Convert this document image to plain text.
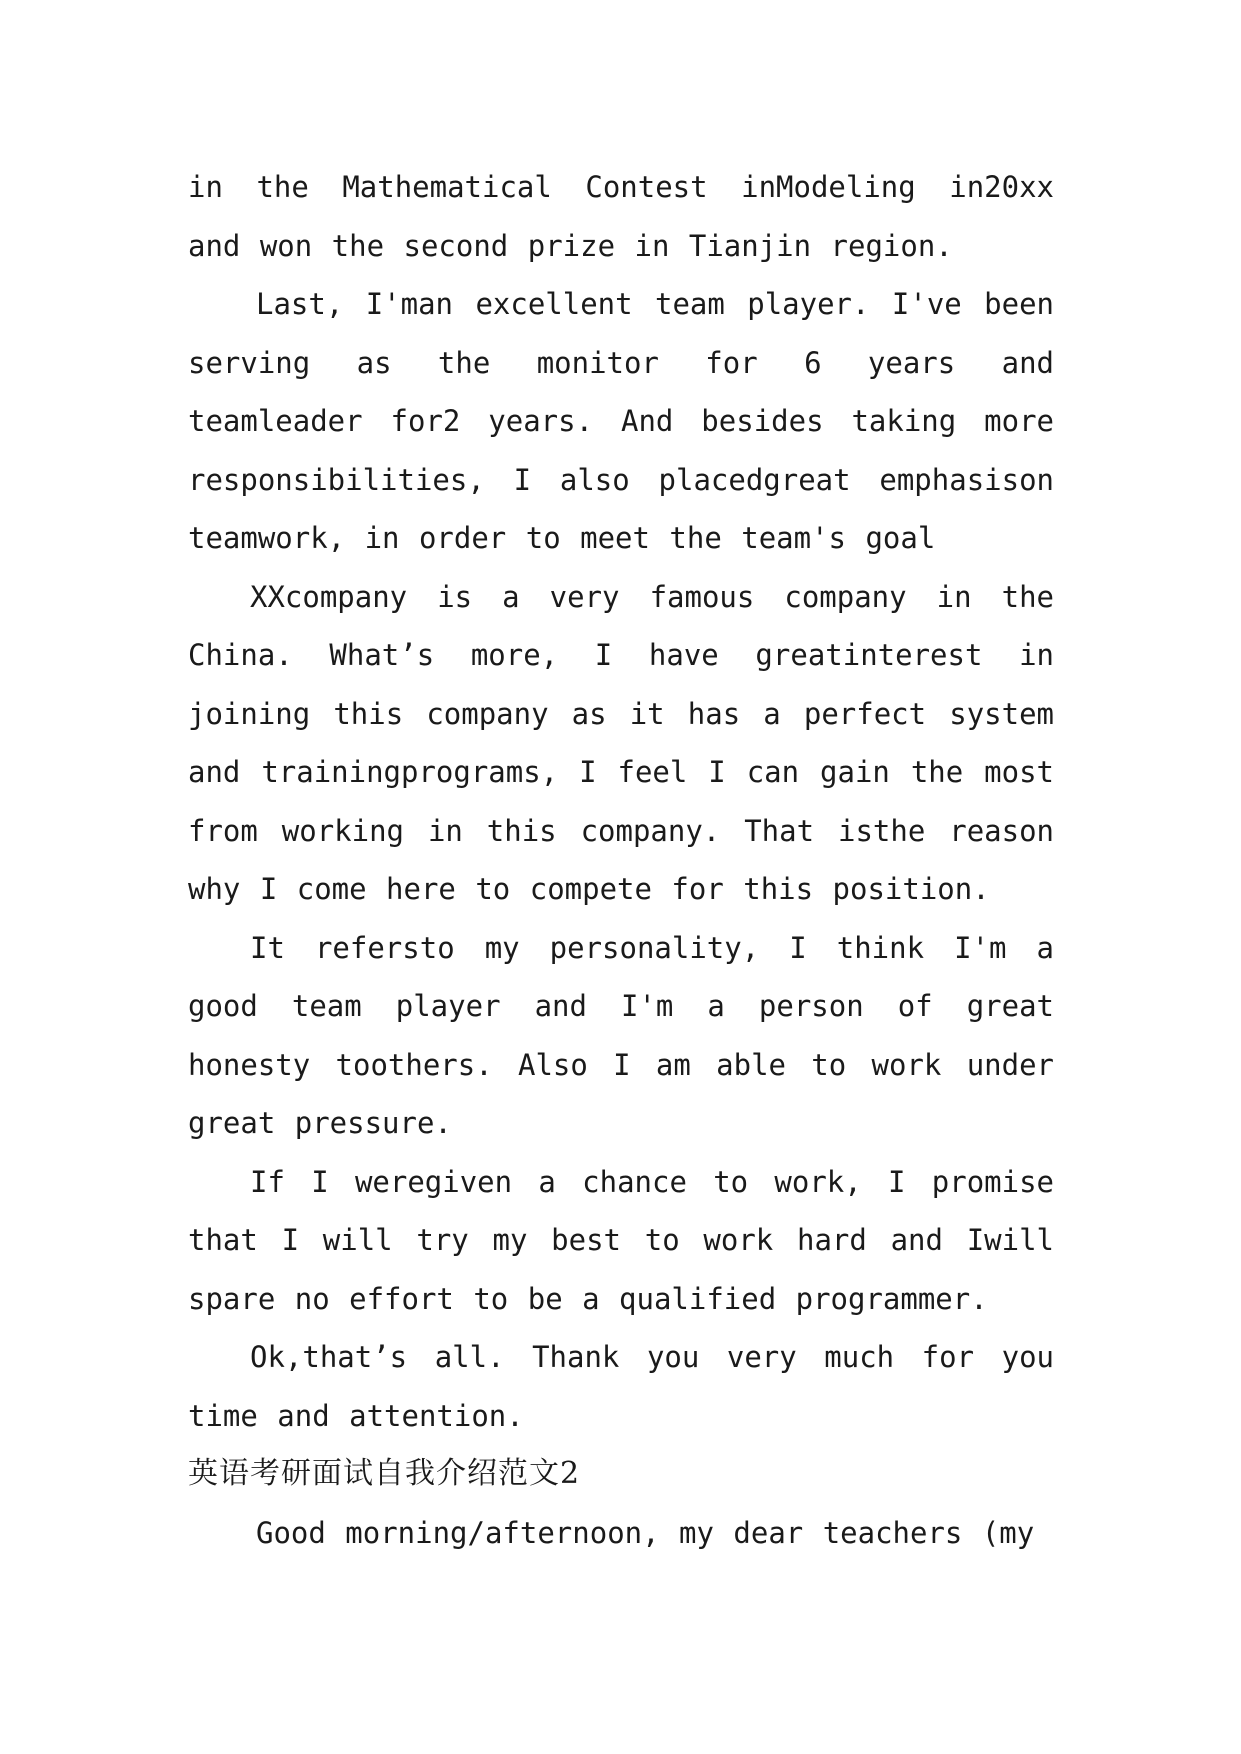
in the Mathematical Contest inModeling in20xx and won the second prize in Tianjin region.

Last, I'man excellent team player. I've been serving as the monitor for 6 years and teamleader for2 years. And besides taking more responsibilities, I also placedgreat emphasison teamwork, in order to meet the team's goal

XXcompany is a very famous company in the China. What’s more, I have greatinterest in joining this company as it has a perfect system and trainingprograms, I feel I can gain the most from working in this company. That isthe reason why I come here to compete for this position.

It refersto my personality, I think I'm a good team player and I'm a person of great honesty toothers. Also I am able to work under great pressure.

If I weregiven a chance to work, I promise that I will try my best to work hard and Iwill spare no effort to be a qualified programmer.

Ok,that’s all. Thank you very much for you time and attention.

英语考研面试自我介绍范文2

Good morning/afternoon, my dear teachers (my
